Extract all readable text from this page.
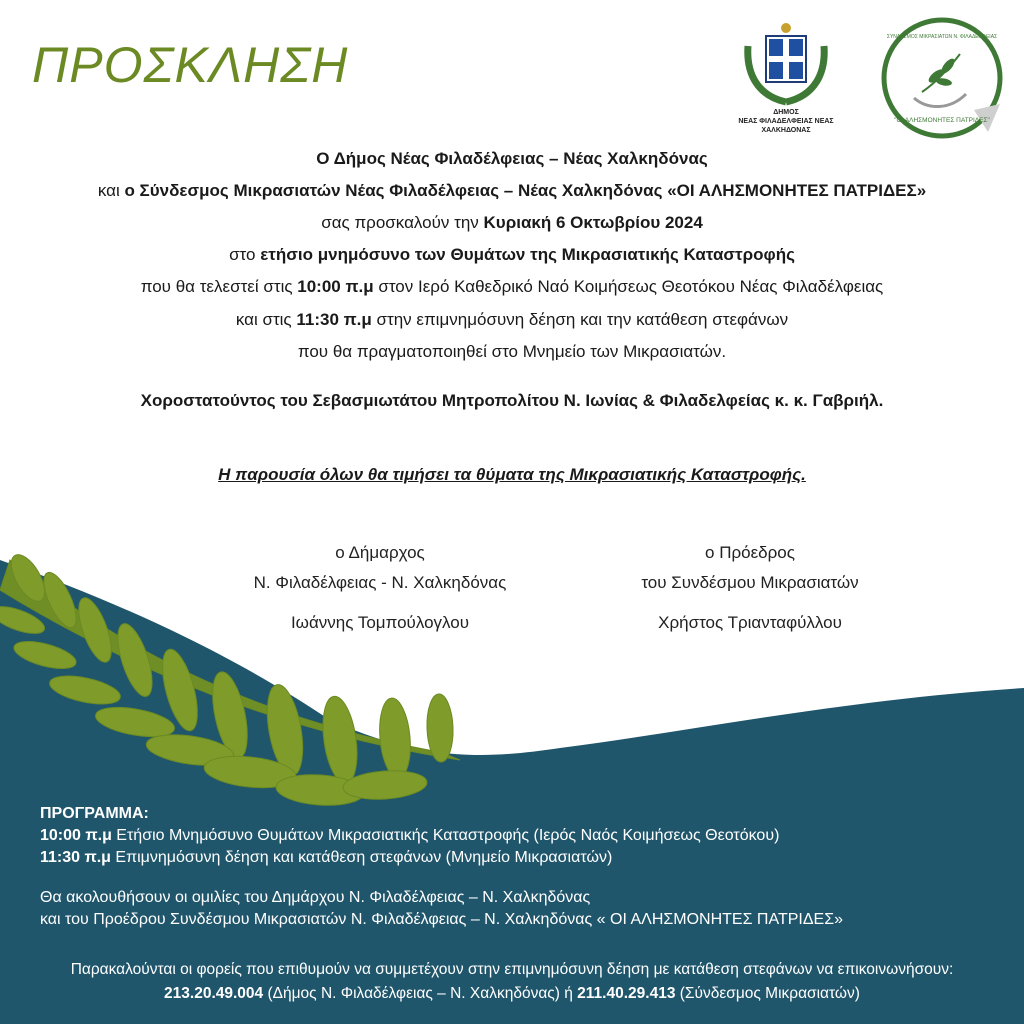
ΠΡΟΣΚΛΗΣΗ
ΔΗΜΟΣ
ΝΕΑΣ ΦΙΛΑΔΕΛΦΕΙΑΣ ΝΕΑΣ ΧΑΛΚΗΔΟΝΑΣ
"ΟΙ ΑΛΗΣΜΟΝΗΤΕΣ ΠΑΤΡΙΔΕΣ"
ΣΥΝΔΕΣΜΟΣ ΜΙΚΡΑΣΙΑΤΩΝ Ν. ΦΙΛΑΔΕΛΦΕΙΑΣ
Ο Δήμος Νέας Φιλαδέλφειας – Νέας Χαλκηδόνας
και ο Σύνδεσμος Μικρασιατών Νέας Φιλαδέλφειας – Νέας Χαλκηδόνας «ΟΙ ΑΛΗΣΜΟΝΗΤΕΣ ΠΑΤΡΙΔΕΣ»
σας προσκαλούν την Κυριακή 6 Οκτωβρίου 2024
στο ετήσιο μνημόσυνο των Θυμάτων της Μικρασιατικής Καταστροφής
που θα τελεστεί στις 10:00 π.μ στον Ιερό Καθεδρικό Ναό Κοιμήσεως Θεοτόκου Νέας Φιλαδέλφειας
και στις 11:30 π.μ στην επιμνημόσυνη δέηση και την κατάθεση στεφάνων
που θα πραγματοποιηθεί στο Μνημείο των Μικρασιατών.
Χοροστατούντος του Σεβασμιωτάτου Μητροπολίτου Ν. Ιωνίας & Φιλαδελφείας κ. κ. Γαβριήλ.
Η παρουσία όλων θα τιμήσει τα θύματα της Μικρασιατικής Καταστροφής.
ο Δήμαρχος
Ν. Φιλαδέλφειας - Ν. Χαλκηδόνας
Ιωάννης Τομπούλογλου
ο Πρόεδρος
του Συνδέσμου Μικρασιατών
Χρήστος Τριανταφύλλου
ΠΡΟΓΡΑΜΜΑ:
10:00 π.μ Ετήσιο Μνημόσυνο Θυμάτων Μικρασιατικής Καταστροφής (Ιερός Ναός Κοιμήσεως Θεοτόκου)
11:30 π.μ Επιμνημόσυνη δέηση και κατάθεση στεφάνων (Μνημείο Μικρασιατών)
Θα ακολουθήσουν οι ομιλίες του Δημάρχου Ν. Φιλαδέλφειας – Ν. Χαλκηδόνας
και του Προέδρου Συνδέσμου Μικρασιατών Ν. Φιλαδέλφειας – Ν. Χαλκηδόνας « ΟΙ ΑΛΗΣΜΟΝΗΤΕΣ ΠΑΤΡΙΔΕΣ»
Παρακαλούνται οι φορείς που επιθυμούν να συμμετέχουν στην επιμνημόσυνη δέηση με κατάθεση στεφάνων να επικοινωνήσουν:
213.20.49.004 (Δήμος Ν. Φιλαδέλφειας – Ν. Χαλκηδόνας) ή 211.40.29.413 (Σύνδεσμος Μικρασιατών)
